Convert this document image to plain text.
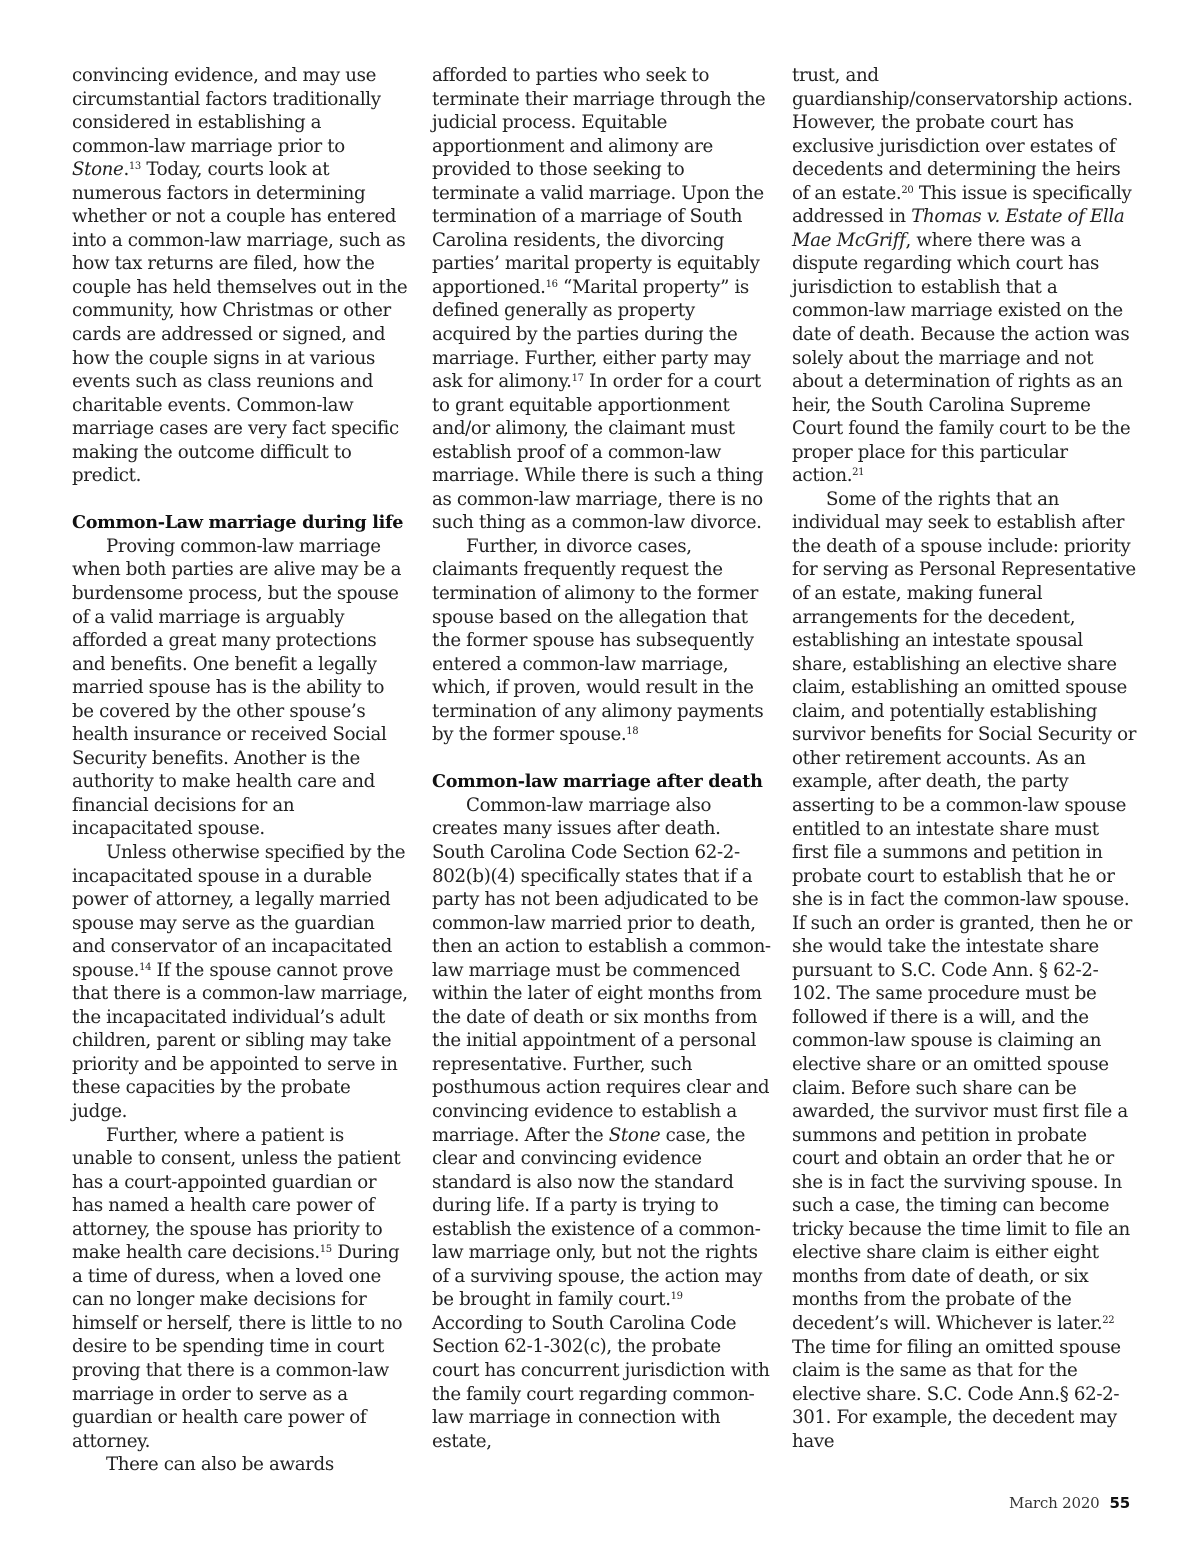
convincing evidence, and may use circumstantial factors traditionally considered in establishing a common-law marriage prior to Stone.$^{13}$ Today, courts look at numerous factors in determining whether or not a couple has entered into a common-law marriage, such as how tax returns are filed, how the couple has held themselves out in the community, how Christmas or other cards are addressed or signed, and how the couple signs in at various events such as class reunions and charitable events. Common-law marriage cases are very fact specific making the outcome difficult to predict.

Common-Law marriage during life

Proving common-law marriage when both parties are alive may be a burdensome process, but the spouse of a valid marriage is arguably afforded a great many protections and benefits. One benefit a legally married spouse has is the ability to be covered by the other spouse’s health insurance or received Social Security benefits. Another is the authority to make health care and financial decisions for an incapacitated spouse.

Unless otherwise specified by the incapacitated spouse in a durable power of attorney, a legally married spouse may serve as the guardian and conservator of an incapacitated spouse.$^{14}$ If the spouse cannot prove that there is a common-law marriage, the incapacitated individual’s adult children, parent or sibling may take priority and be appointed to serve in these capacities by the probate judge.

Further, where a patient is unable to consent, unless the patient has a court-appointed guardian or has named a health care power of attorney, the spouse has priority to make health care decisions.$^{15}$ During a time of duress, when a loved one can no longer make decisions for himself or herself, there is little to no desire to be spending time in court proving that there is a common-law marriage in order to serve as a guardian or health care power of attorney.

There can also be awards

afforded to parties who seek to terminate their marriage through the judicial process. Equitable apportionment and alimony are provided to those seeking to terminate a valid marriage. Upon the termination of a marriage of South Carolina residents, the divorcing parties’ marital property is equitably apportioned.$^{16}$ “Marital property” is defined generally as property acquired by the parties during the marriage. Further, either party may ask for alimony.$^{17}$ In order for a court to grant equitable apportionment and/or alimony, the claimant must establish proof of a common-law marriage. While there is such a thing as common-law marriage, there is no such thing as a common-law divorce.

Further, in divorce cases, claimants frequently request the termination of alimony to the former spouse based on the allegation that the former spouse has subsequently entered a common-law marriage, which, if proven, would result in the termination of any alimony payments by the former spouse.$^{18}$

Common-law marriage after death

Common-law marriage also creates many issues after death. South Carolina Code Section 62-2-802(b)(4) specifically states that if a party has not been adjudicated to be common-law married prior to death, then an action to establish a common-law marriage must be commenced within the later of eight months from the date of death or six months from the initial appointment of a personal representative. Further, such posthumous action requires clear and convincing evidence to establish a marriage. After the Stone case, the clear and convincing evidence standard is also now the standard during life. If a party is trying to establish the existence of a common-law marriage only, but not the rights of a surviving spouse, the action may be brought in family court.$^{19}$ According to South Carolina Code Section 62-1-302(c), the probate court has concurrent jurisdiction with the family court regarding common-law marriage in connection with estate,

trust, and guardianship/conservatorship actions. However, the probate court has exclusive jurisdiction over estates of decedents and determining the heirs of an estate.$^{20}$ This issue is specifically addressed in Thomas v. Estate of Ella Mae McGriff, where there was a dispute regarding which court has jurisdiction to establish that a common-law marriage existed on the date of death. Because the action was solely about the marriage and not about a determination of rights as an heir, the South Carolina Supreme Court found the family court to be the proper place for this particular action.$^{21}$

Some of the rights that an individual may seek to establish after the death of a spouse include: priority for serving as Personal Representative of an estate, making funeral arrangements for the decedent, establishing an intestate spousal share, establishing an elective share claim, establishing an omitted spouse claim, and potentially establishing survivor benefits for Social Security or other retirement accounts. As an example, after death, the party asserting to be a common-law spouse entitled to an intestate share must first file a summons and petition in probate court to establish that he or she is in fact the common-law spouse. If such an order is granted, then he or she would take the intestate share pursuant to S.C. Code Ann. § 62-2-102. The same procedure must be followed if there is a will, and the common-law spouse is claiming an elective share or an omitted spouse claim. Before such share can be awarded, the survivor must first file a summons and petition in probate court and obtain an order that he or she is in fact the surviving spouse. In such a case, the timing can become tricky because the time limit to file an elective share claim is either eight months from date of death, or six months from the probate of the decedent’s will. Whichever is later.$^{22}$ The time for filing an omitted spouse claim is the same as that for the elective share. S.C. Code Ann.§ 62-2-301. For example, the decedent may have

March 2020 55
